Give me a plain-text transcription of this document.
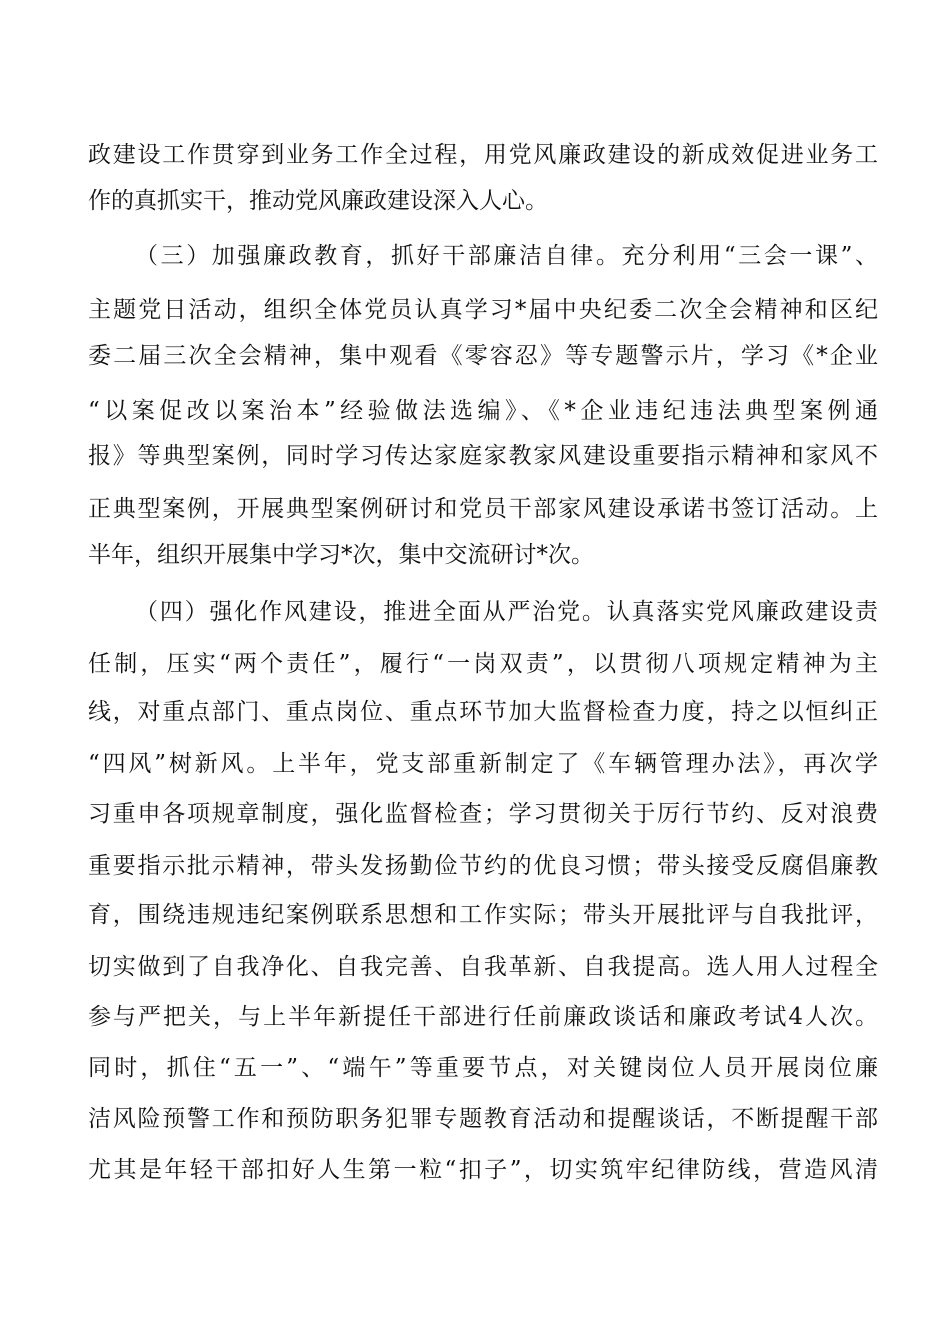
政建设工作贯穿到业务工作全过程，用党风廉政建设的新成效促进业务工
作的真抓实干，推动党风廉政建设深入人心。
（三）加强廉政教育，抓好干部廉洁自律。充分利用“三会一课”、
主题党日活动，组织全体党员认真学习*届中央纪委二次全会精神和区纪
委二届三次全会精神，集中观看《零容忍》等专题警示片，学习《*企业
“以案促改以案治本”经验做法选编》、《*企业违纪违法典型案例通
报》等典型案例，同时学习传达家庭家教家风建设重要指示精神和家风不
正典型案例，开展典型案例研讨和党员干部家风建设承诺书签订活动。上
半年，组织开展集中学习*次，集中交流研讨*次。
（四）强化作风建设，推进全面从严治党。认真落实党风廉政建设责
任制，压实“两个责任”，履行“一岗双责”，以贯彻八项规定精神为主
线，对重点部门、重点岗位、重点环节加大监督检查力度，持之以恒纠正
“四风”树新风。上半年，党支部重新制定了《车辆管理办法》，再次学
习重申各项规章制度，强化监督检查；学习贯彻关于厉行节约、反对浪费
重要指示批示精神，带头发扬勤俭节约的优良习惯；带头接受反腐倡廉教
育，围绕违规违纪案例联系思想和工作实际；带头开展批评与自我批评，
切实做到了自我净化、自我完善、自我革新、自我提高。选人用人过程全
参与严把关，与上半年新提任干部进行任前廉政谈话和廉政考试4人次。
同时，抓住“五一”、“端午”等重要节点，对关键岗位人员开展岗位廉
洁风险预警工作和预防职务犯罪专题教育活动和提醒谈话，不断提醒干部
尤其是年轻干部扣好人生第一粒“扣子”，切实筑牢纪律防线，营造风清
